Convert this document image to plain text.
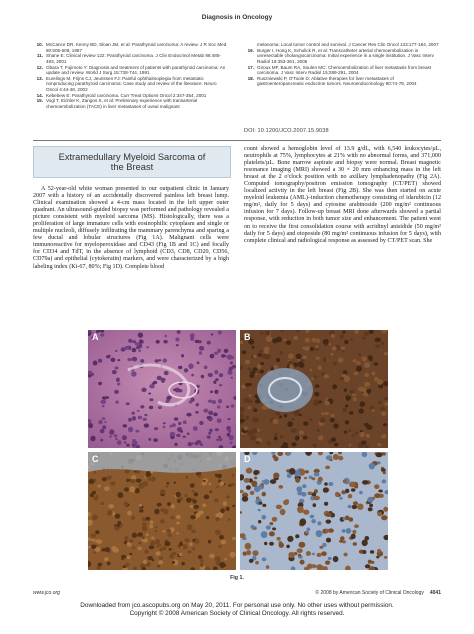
Diagnosis in Oncology
10. McCance DR, Kenny BD, Sloan JM, et al: Parathyroid carcinoma: A review. J R Soc Med 80:505-509, 1987
11. Shane E: Clinical review 122: Parathyroid carcinoma. J Clin Endocrinol Metab 86:485-493, 2001
12. Obara T, Fujimoto Y: Diagnosis and treatment of patients with parathyroid carcinoma: An update and review. World J Surg 15:738-744, 1991
13. Eurelings M, Frijns CJ, Jeurissen FJ: Painful ophthalmoplegia from metastatic nonproducing parathyroid carcinoma: Case study and review of the literature. Neuro Oncol 4:44-48, 2002
14. Kebebew E: Parathyroid carcinoma. Curr Treat Options Oncol 2:347-354, 2001
15. Vogl T, Eichler K, Zangos S, et al: Preliminary experience with transarterial chemoembolization (TACE) in liver metastases of uveal malignant
melanoma: Local tumor control and survival. J Cancer Res Clin Oncol 133:177-184, 2007
16. Burger I, Hong K, Schulick R, et al: Transcatheter arterial chemoembolization in unresectable cholangiocarcinoma: Initial experience in a single institution. J Vasc Interv Radiol 16:353-361, 2005
17. Giroux MF, Baum RA, Soulen MC: Chemoembolization of liver metastasis from breast carcinoma. J Vasc Interv Radiol 15:289-291, 2004
18. Ruszniewski P, O'Toole D: Ablative therapies for liver metastases of gastroenteropancreatic endocrine tumors. Neuroendocrinology 80:74-78, 2004
DOI: 10.1200/JCO.2007.15.9038
Extramedullary Myeloid Sarcoma of the Breast
A 52-year-old white woman presented to our outpatient clinic in January 2007 with a history of an accidentally discovered painless left breast lump. Clinical examination showed a 4-cm mass located in the left upper outer quadrant. An ultrasound-guided biopsy was performed and pathology revealed a picture consistent with myeloid sarcoma (MS). Histologically, there was a proliferation of large immature cells with eosinophilic cytoplasm and single or multiple nucleoli, diffusely infiltrating the mammary parenchyma and sparing a few ductal and lobular structures (Fig 1A). Malignant cells were immunoreactive for myeloperoxidase and CD43 (Fig 1B and 1C) and focally for CD34 and TdT, in the absence of lymphoid (CD3, CD8, CD20, CD56, CD79a) and epithelial (cytokeratin) markers, and were characterized by a high labeling index (Ki-67, 80%; Fig 1D). Complete blood
count showed a hemoglobin level of 13.9 g/dL, with 6,540 leukocytes/µL, neutrophils at 75%, lymphocytes at 21% with no abnormal forms, and 371,000 platelets/µL. Bone marrow aspirate and biopsy were normal. Breast magnetic resonance imaging (MRI) showed a 30 × 20 mm enhancing mass in the left breast at the 2 o'clock position with no axillary lymphadenopathy (Fig 2A). Computed tomography/positron emission tomography (CT/PET) showed localized activity in the left breast (Fig 2B). She was then started on acute myeloid leukemia (AML)–induction chemotherapy consisting of idarubicin (12 mg/m², daily for 5 days) and cytosine arabinoside (200 mg/m² continuous infusion for 7 days). Follow-up breast MRI done afterwards showed a partial response, with reduction in both tumor size and enhancement. The patient went on to receive the first consolidation course with acridinyl anisidide (50 mg/m² daily for 5 days) and etoposide (80 mg/m² continuous infusion for 5 days), with complete clinical and radiological response as assessed by CT/PET scan. She
A	B
C	D
Fig 1.
www.jco.org	© 2008 by American Society of Clinical Oncology 4041
Downloaded from jco.ascopubs.org on May 20, 2011. For personal use only. No other uses without permission.
Copyright © 2008 American Society of Clinical Oncology. All rights reserved.
